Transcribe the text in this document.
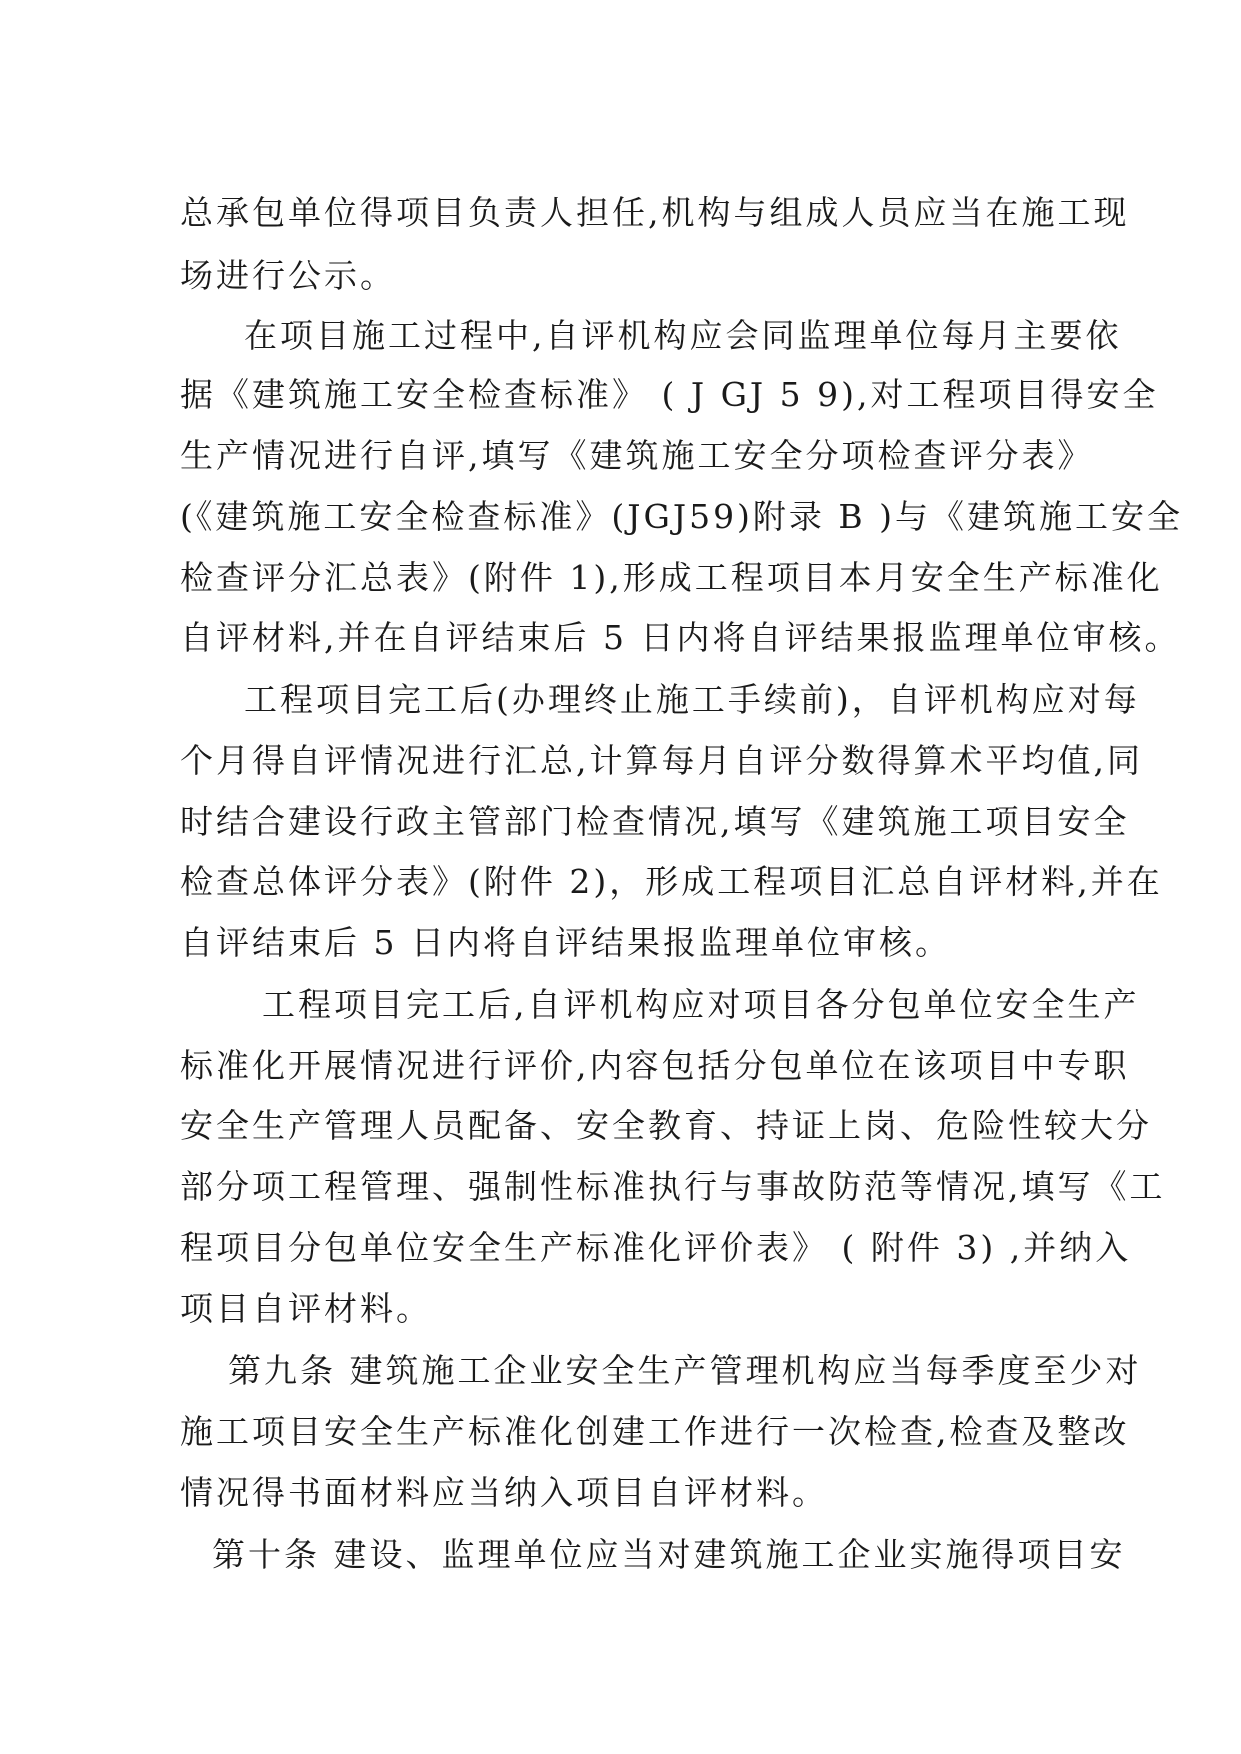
总承包单位得项目负责人担任,机构与组成人员应当在施工现
场进行公示。
在项目施工过程中,自评机构应会同监理单位每月主要依
据《建筑施工安全检查标准》 ( J GJ 5 9),对工程项目得安全
生产情况进行自评,填写《建筑施工安全分项检查评分表》
(《建筑施工安全检查标准》(JGJ59)附录 B )与《建筑施工安全
检查评分汇总表》(附件 1),形成工程项目本月安全生产标准化
自评材料,并在自评结束后 5 日内将自评结果报监理单位审核。
工程项目完工后(办理终止施工手续前)，自评机构应对每
个月得自评情况进行汇总,计算每月自评分数得算术平均值,同
时结合建设行政主管部门检查情况,填写《建筑施工项目安全
检查总体评分表》(附件 2)，形成工程项目汇总自评材料,并在
自评结束后 5 日内将自评结果报监理单位审核。
工程项目完工后,自评机构应对项目各分包单位安全生产
标准化开展情况进行评价,内容包括分包单位在该项目中专职
安全生产管理人员配备、安全教育、持证上岗、危险性较大分
部分项工程管理、强制性标准执行与事故防范等情况,填写《工
程项目分包单位安全生产标准化评价表》 ( 附件 3) ,并纳入
项目自评材料。
第九条 建筑施工企业安全生产管理机构应当每季度至少对
施工项目安全生产标准化创建工作进行一次检查,检查及整改
情况得书面材料应当纳入项目自评材料。
第十条 建设、监理单位应当对建筑施工企业实施得项目安
